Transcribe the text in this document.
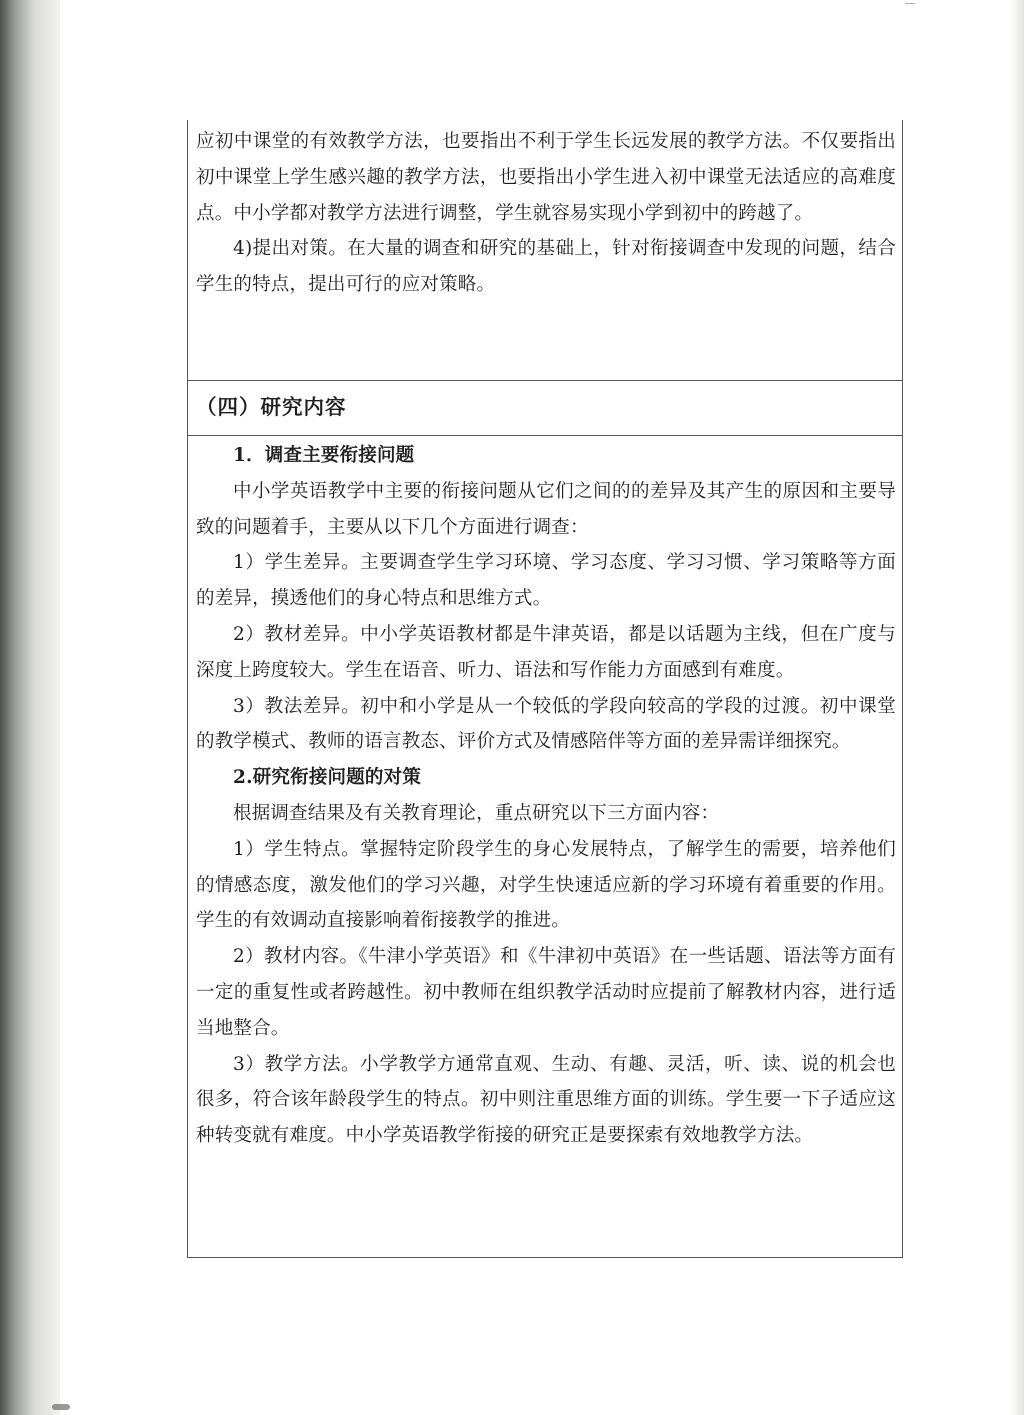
应初中课堂的有效教学方法，也要指出不利于学生长远发展的教学方法。不仅要指出初中课堂上学生感兴趣的教学方法，也要指出小学生进入初中课堂无法适应的高难度点。中小学都对教学方法进行调整，学生就容易实现小学到初中的跨越了。

4)提出对策。在大量的调查和研究的基础上，针对衔接调查中发现的问题，结合学生的特点，提出可行的应对策略。

（四）研究内容

1．调查主要衔接问题

中小学英语教学中主要的衔接问题从它们之间的的差异及其产生的原因和主要导致的问题着手，主要从以下几个方面进行调查：

1）学生差异。主要调查学生学习环境、学习态度、学习习惯、学习策略等方面的差异，摸透他们的身心特点和思维方式。

2）教材差异。中小学英语教材都是牛津英语，都是以话题为主线，但在广度与深度上跨度较大。学生在语音、听力、语法和写作能力方面感到有难度。

3）教法差异。初中和小学是从一个较低的学段向较高的学段的过渡。初中课堂的教学模式、教师的语言教态、评价方式及情感陪伴等方面的差异需详细探究。

2.研究衔接问题的对策

根据调查结果及有关教育理论，重点研究以下三方面内容：

1）学生特点。掌握特定阶段学生的身心发展特点，了解学生的需要，培养他们的情感态度，激发他们的学习兴趣，对学生快速适应新的学习环境有着重要的作用。学生的有效调动直接影响着衔接教学的推进。

2）教材内容。《牛津小学英语》和《牛津初中英语》在一些话题、语法等方面有一定的重复性或者跨越性。初中教师在组织教学活动时应提前了解教材内容，进行适当地整合。

3）教学方法。小学教学方通常直观、生动、有趣、灵活，听、读、说的机会也很多，符合该年龄段学生的特点。初中则注重思维方面的训练。学生要一下子适应这种转变就有难度。中小学英语教学衔接的研究正是要探索有效地教学方法。
